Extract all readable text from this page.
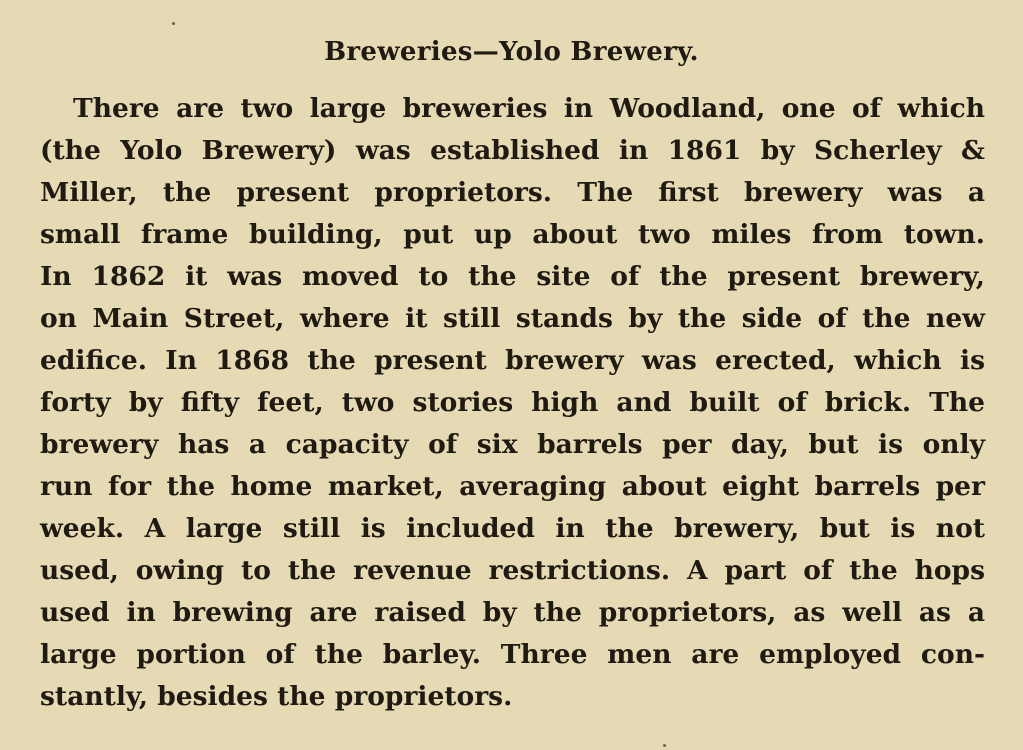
Breweries—Yolo Brewery.
There are two large breweries in Woodland, one of which
(the Yolo Brewery) was established in 1861 by Scherley &
Miller, the present proprietors. The first brewery was a
small frame building, put up about two miles from town.
In 1862 it was moved to the site of the present brewery,
on Main Street, where it still stands by the side of the new
edifice. In 1868 the present brewery was erected, which is
forty by fifty feet, two stories high and built of brick. The
brewery has a capacity of six barrels per day, but is only
run for the home market, averaging about eight barrels per
week. A large still is included in the brewery, but is not
used, owing to the revenue restrictions. A part of the hops
used in brewing are raised by the proprietors, as well as a
large portion of the barley. Three men are employed con-
stantly, besides the proprietors.
